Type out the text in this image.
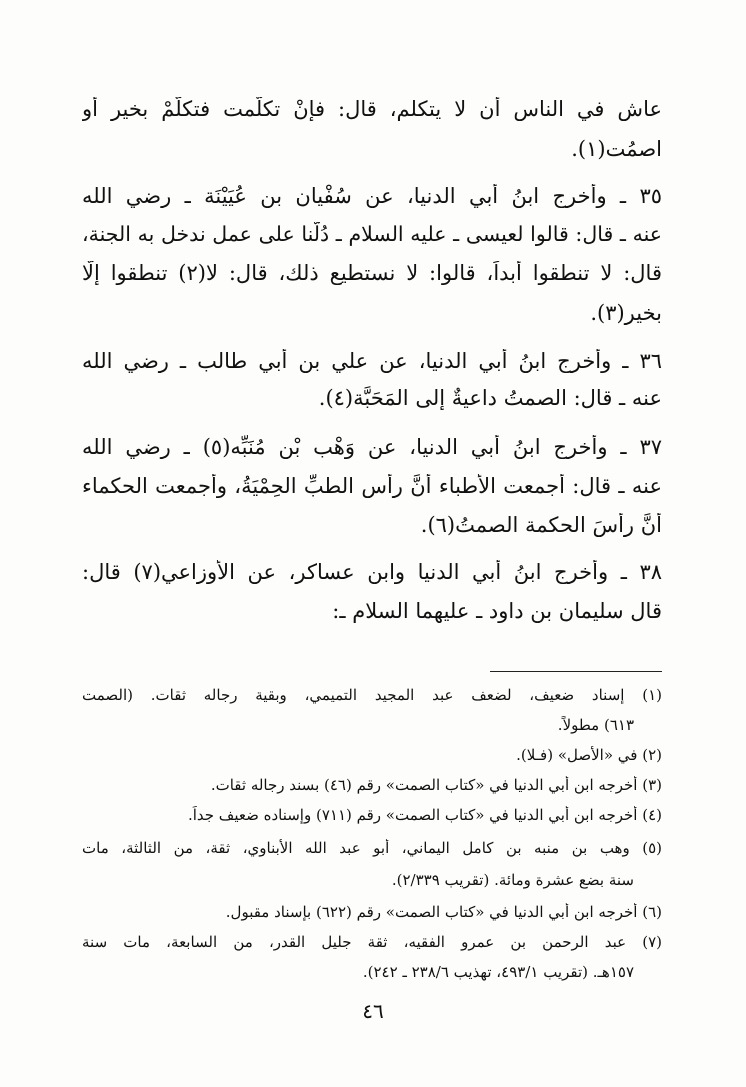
عاش في الناس أن لا يتكلم، قال: فإنْ تكلّمت فتكلَّمْ بخير أو
اصمُت(١).
٣٥ ـ وأخرج ابنُ أبي الدنيا، عن سُفْيان بن عُيَيْنَة ـ رضي الله
عنه ـ قال: قالوا لعيسى ـ عليه السلام ـ دُلّنا على عمل ندخل به الجنة،
قال: لا تنطقوا أبداً، قالوا: لا نستطيع ذلك، قال: لا(٢) تنطقوا إلَّا
بخير(٣).
٣٦ ـ وأخرج ابنُ أبي الدنيا، عن علي بن أبي طالب ـ رضي الله
عنه ـ قال: الصمتُ داعيةٌ إلى المَحَبَّة(٤).
٣٧ ـ وأخرج ابنُ أبي الدنيا، عن وَهْب بْن مُنَبِّه(٥) ـ رضي الله
عنه ـ قال: أجمعت الأطباء أنَّ رأس الطبِّ الحِمْيَةُ، وأجمعت الحكماء
أنَّ رأسَ الحكمة الصمتُ(٦).
٣٨ ـ وأخرج ابنُ أبي الدنيا وابن عساكر، عن الأوزاعي(٧) قال:
قال سليمان بن داود ـ عليهما السلام ـ:
(١) إسناد ضعيف، لضعف عبد المجيد التميمي، وبقية رجاله ثقات. (الصمت
٦١٣) مطولاً.
(٢) في «الأصل» (فـلا).
(٣) أخرجه ابن أبي الدنيا في «كتاب الصمت» رقم (٤٦) بسند رجاله ثقات.
(٤) أخرجه ابن أبي الدنيا في «كتاب الصمت» رقم (٧١١) وإسناده ضعيف جداً.
(٥) وهب بن منبه بن كامل اليماني، أبو عبد الله الأبناوي، ثقة، من الثالثة، مات
سنة بضع عشرة ومائة. (تقريب ٢/٣٣٩).
(٦) أخرجه ابن أبي الدنيا في «كتاب الصمت» رقم (٦٢٢) بإسناد مقبول.
(٧) عبد الرحمن بن عمرو الفقيه، ثقة جليل القدر، من السابعة، مات سنة
١٥٧هـ. (تقريب ٤٩٣/١، تهذيب ٢٣٨/٦ ـ ٢٤٢).
٤٦
